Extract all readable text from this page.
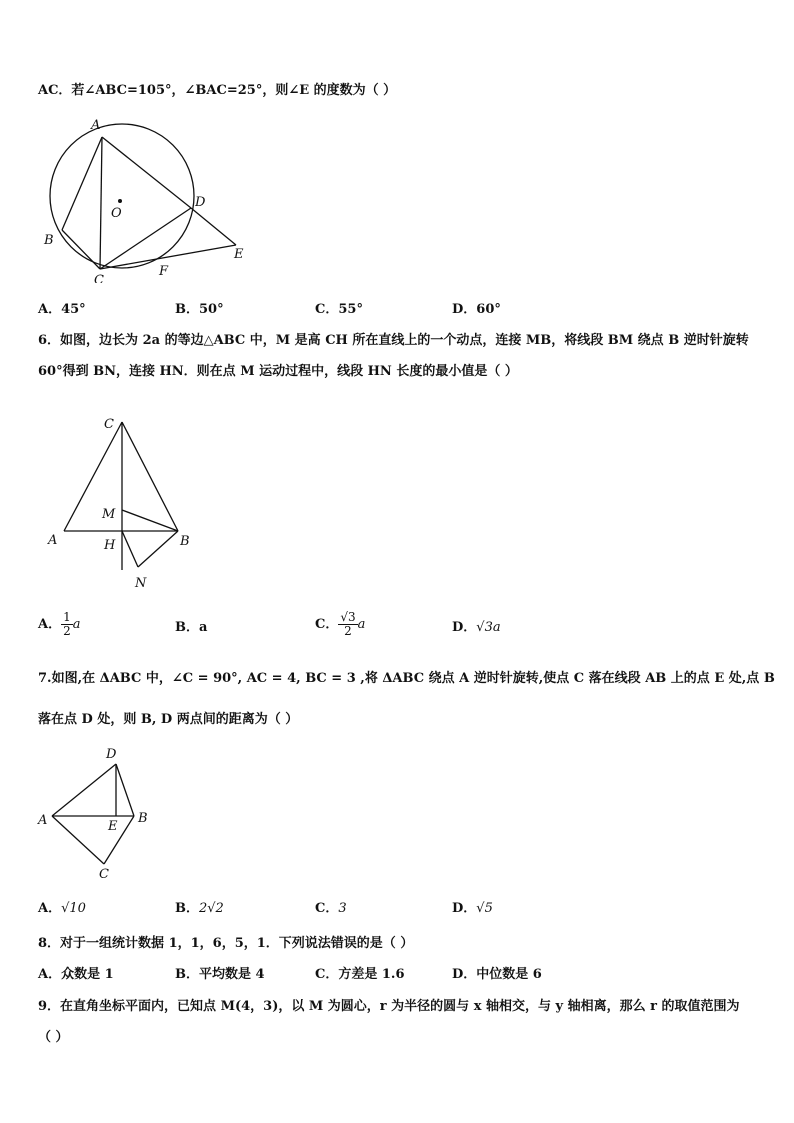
AC．若∠ABC=105°，∠BAC=25°，则∠E 的度数为（ ）
A
B
C
D
E
F
O
A．45°	B．50°	C．55°	D．60°
6．如图，边长为 2a 的等边△ABC 中，M 是高 CH 所在直线上的一个动点，连接 MB，将线段 BM 绕点 B 逆时针旋转
60°得到 BN，连接 HN．则在点 M 运动过程中，线段 HN 长度的最小值是（ ）
C
M
A	H	B
N
A． $\frac{1}{2}$ a	B．a	C． $\frac{√3}{2}$ a	D．√3a
7.如图,在 ΔABC 中，∠C = 90°, AC = 4, BC = 3 ,将 ΔABC 绕点 A 逆时针旋转,使点 C 落在线段 AB 上的点 E 处,点 B
落在点 D 处，则 B, D 两点间的距离为（ ）
D
A	E
B
C
A．√10	B．2√2	C．3	D．√5
8．对于一组统计数据 1，1，6，5，1．下列说法错误的是（ ）
A．众数是 1	B．平均数是 4	C．方差是 1.6	D．中位数是 6
9．在直角坐标平面内，已知点 M(4，3)，以 M 为圆心，r 为半径的圆与 x 轴相交，与 y 轴相离，那么 r 的取值范围为
（ ）
